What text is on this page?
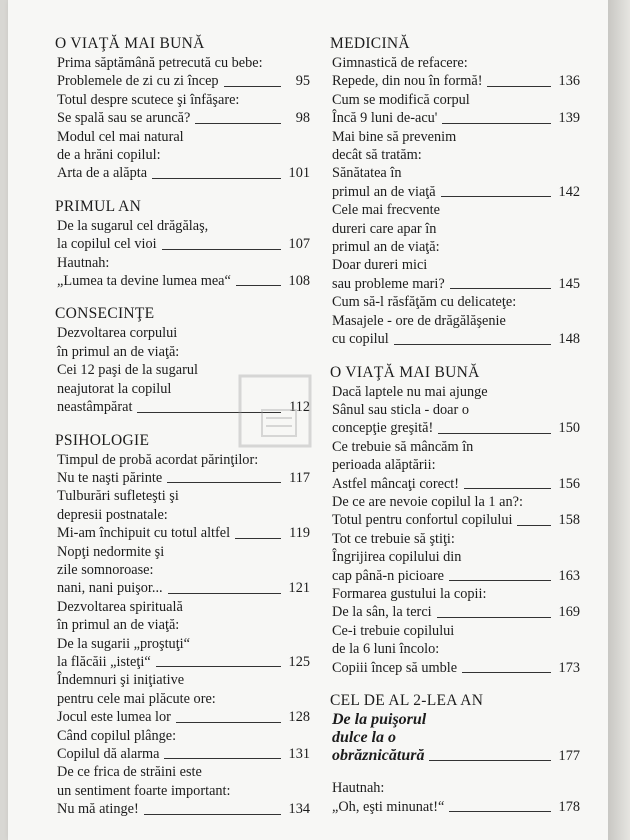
O VIAŢĂ MAI BUNĂ
Prima săptămână petrecută cu bebe:
Problemele de zi cu zi încep	95
Totul despre scutece şi înfăşare:
Se spală sau se aruncă?	98
Modul cel mai natural
de a hrăni copilul:
Arta de a alăpta	101
PRIMUL AN
De la sugarul cel drăgălaş,
la copilul cel vioi	107
Hautnah:
„Lumea ta devine lumea mea“	108
CONSECINŢE
Dezvoltarea corpului
în primul an de viaţă:
Cei 12 paşi de la sugarul
neajutorat la copilul
neastâmpărat	112
PSIHOLOGIE
Timpul de probă acordat părinţilor:
Nu te naşti părinte	117
Tulburări sufleteşti şi
depresii postnatale:
Mi-am închipuit cu totul altfel	119
Nopţi nedormite şi
zile somnoroase:
nani, nani puişor...	121
Dezvoltarea spirituală
în primul an de viaţă:
De la sugarii „proştuţi“
la flăcăii „isteţi“	125
Îndemnuri şi iniţiative
pentru cele mai plăcute ore:
Jocul este lumea lor	128
Când copilul plânge:
Copilul dă alarma	131
De ce frica de străini este
un sentiment foarte important:
Nu mă atinge!	134
MEDICINĂ
Gimnastică de refacere:
Repede, din nou în formă!	136
Cum se modifică corpul
Încă 9 luni de-acu'	139
Mai bine să prevenim
decât să tratăm:
Sănătatea în
primul an de viaţă	142
Cele mai frecvente
dureri care apar în
primul an de viaţă:
Doar dureri mici
sau probleme mari?	145
Cum să-l răsfăţăm cu delicateţe:
Masajele - ore de drăgălăşenie
cu copilul	148
O VIAŢĂ MAI BUNĂ
Dacă laptele nu mai ajunge
Sânul sau sticla - doar o
concepţie greşită!	150
Ce trebuie să mâncăm în
perioada alăptării:
Astfel mâncaţi corect!	156
De ce are nevoie copilul la 1 an?:
Totul pentru confortul copilului	158
Tot ce trebuie să ştiţi:
Îngrijirea copilului din
cap până-n picioare	163
Formarea gustului la copii:
De la sân, la terci	169
Ce-i trebuie copilului
de la 6 luni încolo:
Copiii încep să umble	173
CEL DE AL 2-LEA AN
De la puişorul
dulce la o
obrăznicătură	177
Hautnah:
„Oh, eşti minunat!“	178
